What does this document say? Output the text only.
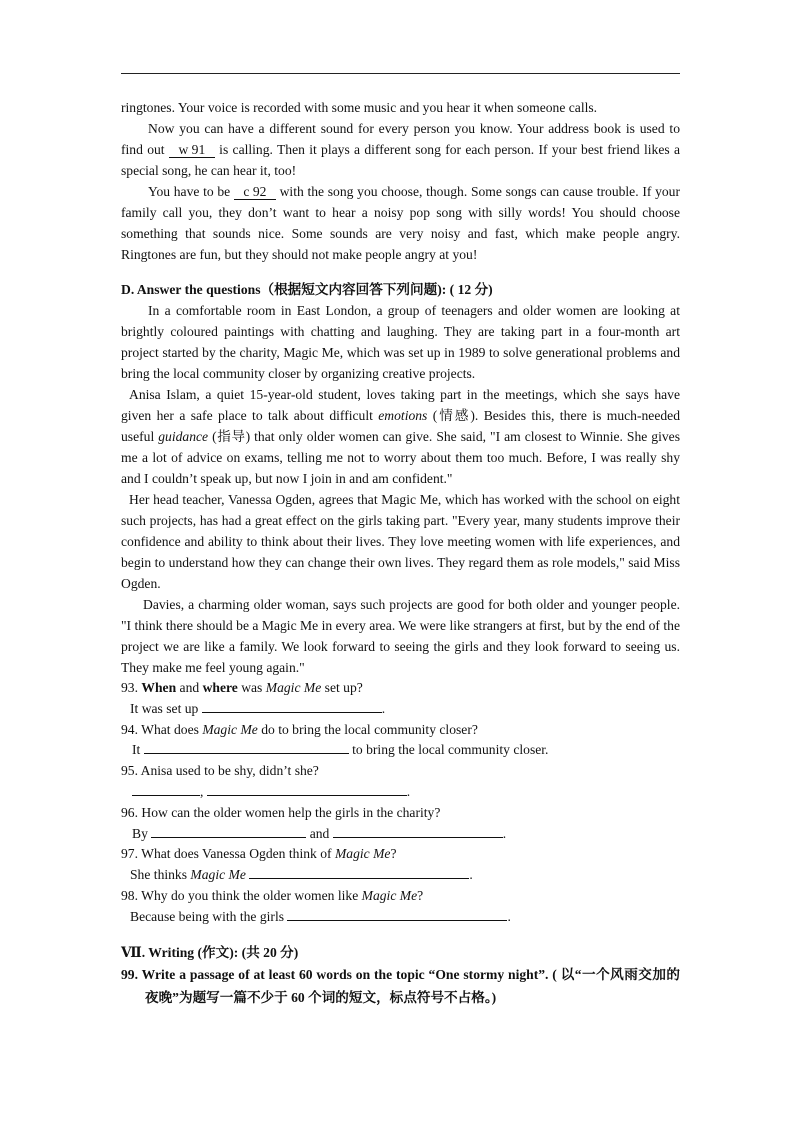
ringtones. Your voice is recorded with some music and you hear it when someone calls.

Now you can have a different sound for every person you know. Your address book is used to find out w 91 is calling. Then it plays a different song for each person. If your best friend likes a special song, he can hear it, too!

You have to be c 92 with the song you choose, though. Some songs can cause trouble. If your family call you, they don’t want to hear a noisy pop song with silly words! You should choose something that sounds nice. Some sounds are very noisy and fast, which make people angry. Ringtones are fun, but they should not make people angry at you!

D. Answer the questions（根据短文内容回答下列问题): ( 12 分)

In a comfortable room in East London, a group of teenagers and older women are looking at brightly coloured paintings with chatting and laughing. They are taking part in a four-month art project started by the charity, Magic Me, which was set up in 1989 to solve generational problems and bring the local community closer by organizing creative projects.

Anisa Islam, a quiet 15-year-old student, loves taking part in the meetings, which she says have given her a safe place to talk about difficult emotions (情感). Besides this, there is much-needed useful guidance (指导) that only older women can give. She said, "I am closest to Winnie. She gives me a lot of advice on exams, telling me not to worry about them too much. Before, I was really shy and I couldn’t speak up, but now I join in and am confident."

Her head teacher, Vanessa Ogden, agrees that Magic Me, which has worked with the school on eight such projects, has had a great effect on the girls taking part. "Every year, many students improve their confidence and ability to think about their lives. They love meeting women with life experiences, and begin to understand how they can change their own lives. They regard them as role models," said Miss Ogden.

Davies, a charming older woman, says such projects are good for both older and younger people. "I think there should be a Magic Me in every area. We were like strangers at first, but by the end of the project we are like a family. We look forward to seeing the girls and they look forward to seeing us. They make me feel young again."

93. When and where was Magic Me set up?

It was set up	.

94. What does Magic Me do to bring the local community closer?

It	to bring the local community closer.

95. Anisa used to be shy, didn’t she?

,	.

96. How can the older women help the girls in the charity?

By	and	.

97. What does Vanessa Ogden think of Magic Me?

She thinks Magic Me	.

98. Why do you think the older women like Magic Me?

Because being with the girls	.

Ⅶ. Writing (作文): (共 20 分)

99. Write a passage of at least 60 words on the topic “One stormy night”. ( 以“一个风雨交加的夜晚”为题写一篇不少于 60 个词的短文，标点符号不占格。)
